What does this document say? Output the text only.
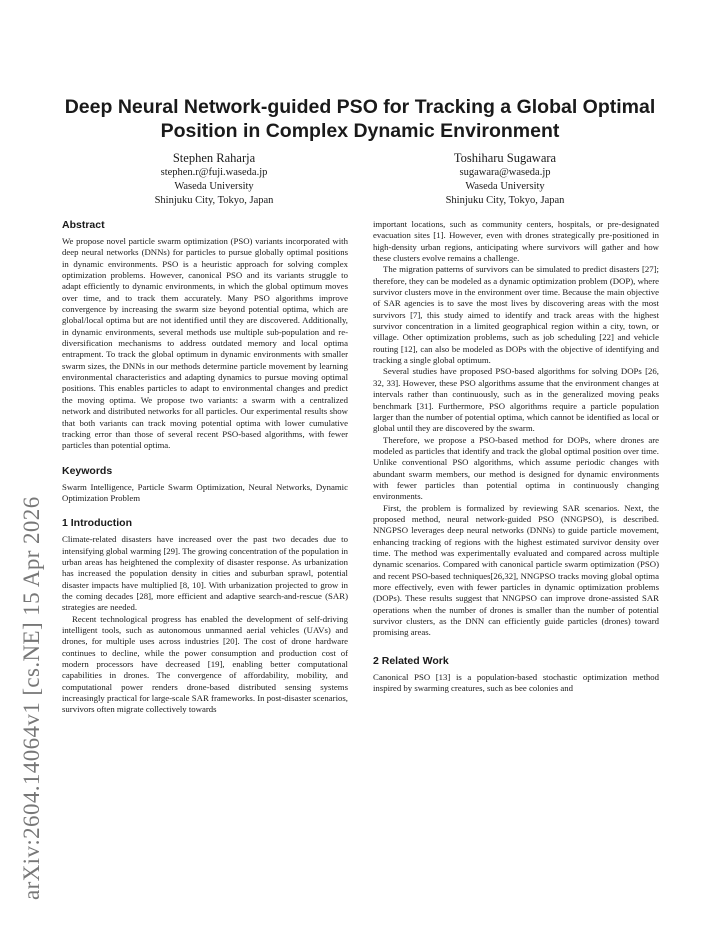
arXiv:2604.14064v1 [cs.NE] 15 Apr 2026
Deep Neural Network-guided PSO for Tracking a Global Optimal Position in Complex Dynamic Environment
Stephen Raharja
stephen.r@fuji.waseda.jp
Waseda University
Shinjuku City, Tokyo, Japan
Toshiharu Sugawara
sugawara@waseda.jp
Waseda University
Shinjuku City, Tokyo, Japan
Abstract

We propose novel particle swarm optimization (PSO) variants incorporated with deep neural networks (DNNs) for particles to pursue globally optimal positions in dynamic environments. PSO is a heuristic approach for solving complex optimization problems. However, canonical PSO and its variants struggle to adapt efficiently to dynamic environments, in which the global optimum moves over time, and to track them accurately. Many PSO algorithms improve convergence by increasing the swarm size beyond potential optima, which are global/local optima but are not identified until they are discovered. Additionally, in dynamic environments, several methods use multiple sub-population and re-diversification mechanisms to address outdated memory and local optima entrapment. To track the global optimum in dynamic environments with smaller swarm sizes, the DNNs in our methods determine particle movement by learning environmental characteristics and adapting dynamics to pursue moving optimal positions. This enables particles to adapt to environmental changes and predict the moving optima. We propose two variants: a swarm with a centralized network and distributed networks for all particles. Our experimental results show that both variants can track moving potential optima with lower cumulative tracking error than those of several recent PSO-based algorithms, with fewer particles than potential optima.

Keywords

Swarm Intelligence, Particle Swarm Optimization, Neural Networks, Dynamic Optimization Problem

1 Introduction

Climate-related disasters have increased over the past two decades due to intensifying global warming [29]. The growing concentration of the population in urban areas has heightened the complexity of disaster response. As urbanization has increased the population density in cities and suburban sprawl, potential disaster impacts have multiplied [8, 10]. With urbanization projected to grow in the coming decades [28], more efficient and adaptive search-and-rescue (SAR) strategies are needed.

Recent technological progress has enabled the development of self-driving intelligent tools, such as autonomous unmanned aerial vehicles (UAVs) and drones, for multiple uses across industries [20]. The cost of drone hardware continues to decline, while the power consumption and production cost of modern processors have decreased [19], enabling better computational capabilities in drones. The convergence of affordability, mobility, and computational power renders drone-based distributed sensing systems increasingly practical for large-scale SAR frameworks. In post-disaster scenarios, survivors often migrate collectively towards

important locations, such as community centers, hospitals, or pre-designated evacuation sites [1]. However, even with drones strategically pre-positioned in high-density urban regions, anticipating where survivors will gather and how these clusters evolve remains a challenge.

The migration patterns of survivors can be simulated to predict disasters [27]; therefore, they can be modeled as a dynamic optimization problem (DOP), where survivor clusters move in the environment over time. Because the main objective of SAR agencies is to save the most lives by discovering areas with the most survivors [7], this study aimed to identify and track areas with the highest survivor concentration in a limited geographical region within a city, town, or village. Other optimization problems, such as job scheduling [22] and vehicle routing [12], can also be modeled as DOPs with the objective of identifying and tracking a single global optimum.

Several studies have proposed PSO-based algorithms for solving DOPs [26, 32, 33]. However, these PSO algorithms assume that the environment changes at intervals rather than continuously, such as in the generalized moving peaks benchmark [31]. Furthermore, PSO algorithms require a particle population larger than the number of potential optima, which cannot be identified as local or global until they are discovered by the swarm.

Therefore, we propose a PSO-based method for DOPs, where drones are modeled as particles that identify and track the global optimal position over time. Unlike conventional PSO algorithms, which assume periodic changes with abundant swarm members, our method is designed for dynamic environments with fewer particles than potential optima in continuously changing environments.

First, the problem is formalized by reviewing SAR scenarios. Next, the proposed method, neural network-guided PSO (NNGPSO), is described. NNGPSO leverages deep neural networks (DNNs) to guide particle movement, enhancing tracking of regions with the highest estimated survivor density over time. The method was experimentally evaluated and compared across multiple dynamic scenarios. Compared with canonical particle swarm optimization (PSO) and recent PSO-based techniques[26,32], NNGPSO tracks moving global optima more effectively, even with fewer particles in dynamic optimization problems (DOPs). These results suggest that NNGPSO can improve drone-assisted SAR operations when the number of drones is smaller than the number of potential survivor clusters, as the DNN can efficiently guide particles (drones) toward promising areas.

2 Related Work

Canonical PSO [13] is a population-based stochastic optimization method inspired by swarming creatures, such as bee colonies and
